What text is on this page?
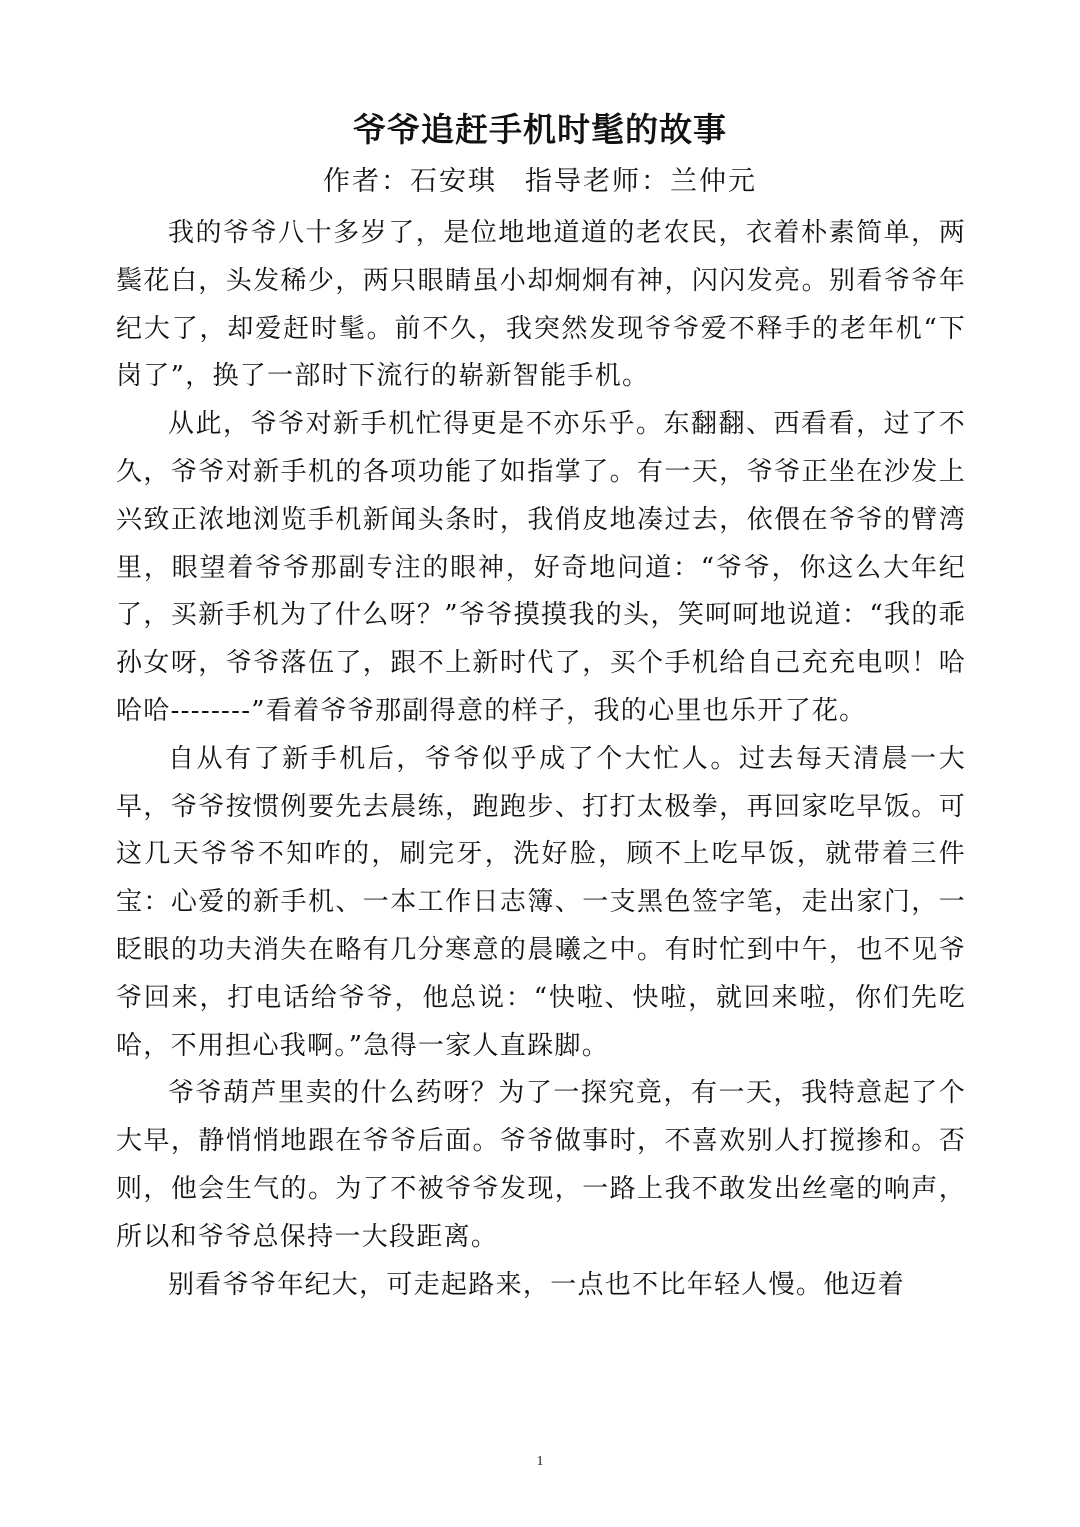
爷爷追赶手机时髦的故事
作者：石安琪 指导老师：兰仲元

我的爷爷八十多岁了，是位地地道道的老农民，衣着朴素简单，两鬓花白，头发稀少，两只眼睛虽小却炯炯有神，闪闪发亮。别看爷爷年纪大了，却爱赶时髦。前不久，我突然发现爷爷爱不释手的老年机“下岗了”，换了一部时下流行的崭新智能手机。

从此，爷爷对新手机忙得更是不亦乐乎。东翻翻、西看看，过了不久，爷爷对新手机的各项功能了如指掌了。有一天，爷爷正坐在沙发上兴致正浓地浏览手机新闻头条时，我俏皮地凑过去，依偎在爷爷的臂湾里，眼望着爷爷那副专注的眼神，好奇地问道：“爷爷，你这么大年纪了，买新手机为了什么呀？”爷爷摸摸我的头，笑呵呵地说道：“我的乖孙女呀，爷爷落伍了，跟不上新时代了，买个手机给自己充充电呗！哈哈哈--------”看着爷爷那副得意的样子，我的心里也乐开了花。

自从有了新手机后，爷爷似乎成了个大忙人。过去每天清晨一大早，爷爷按惯例要先去晨练，跑跑步、打打太极拳，再回家吃早饭。可这几天爷爷不知咋的，刷完牙，洗好脸，顾不上吃早饭，就带着三件宝：心爱的新手机、一本工作日志簿、一支黑色签字笔，走出家门，一眨眼的功夫消失在略有几分寒意的晨曦之中。有时忙到中午，也不见爷爷回来，打电话给爷爷，他总说：“快啦、快啦，就回来啦，你们先吃哈，不用担心我啊。”急得一家人直跺脚。

爷爷葫芦里卖的什么药呀？为了一探究竟，有一天，我特意起了个大早，静悄悄地跟在爷爷后面。爷爷做事时，不喜欢别人打搅掺和。否则，他会生气的。为了不被爷爷发现，一路上我不敢发出丝毫的响声，所以和爷爷总保持一大段距离。

别看爷爷年纪大，可走起路来，一点也不比年轻人慢。他迈着

1
